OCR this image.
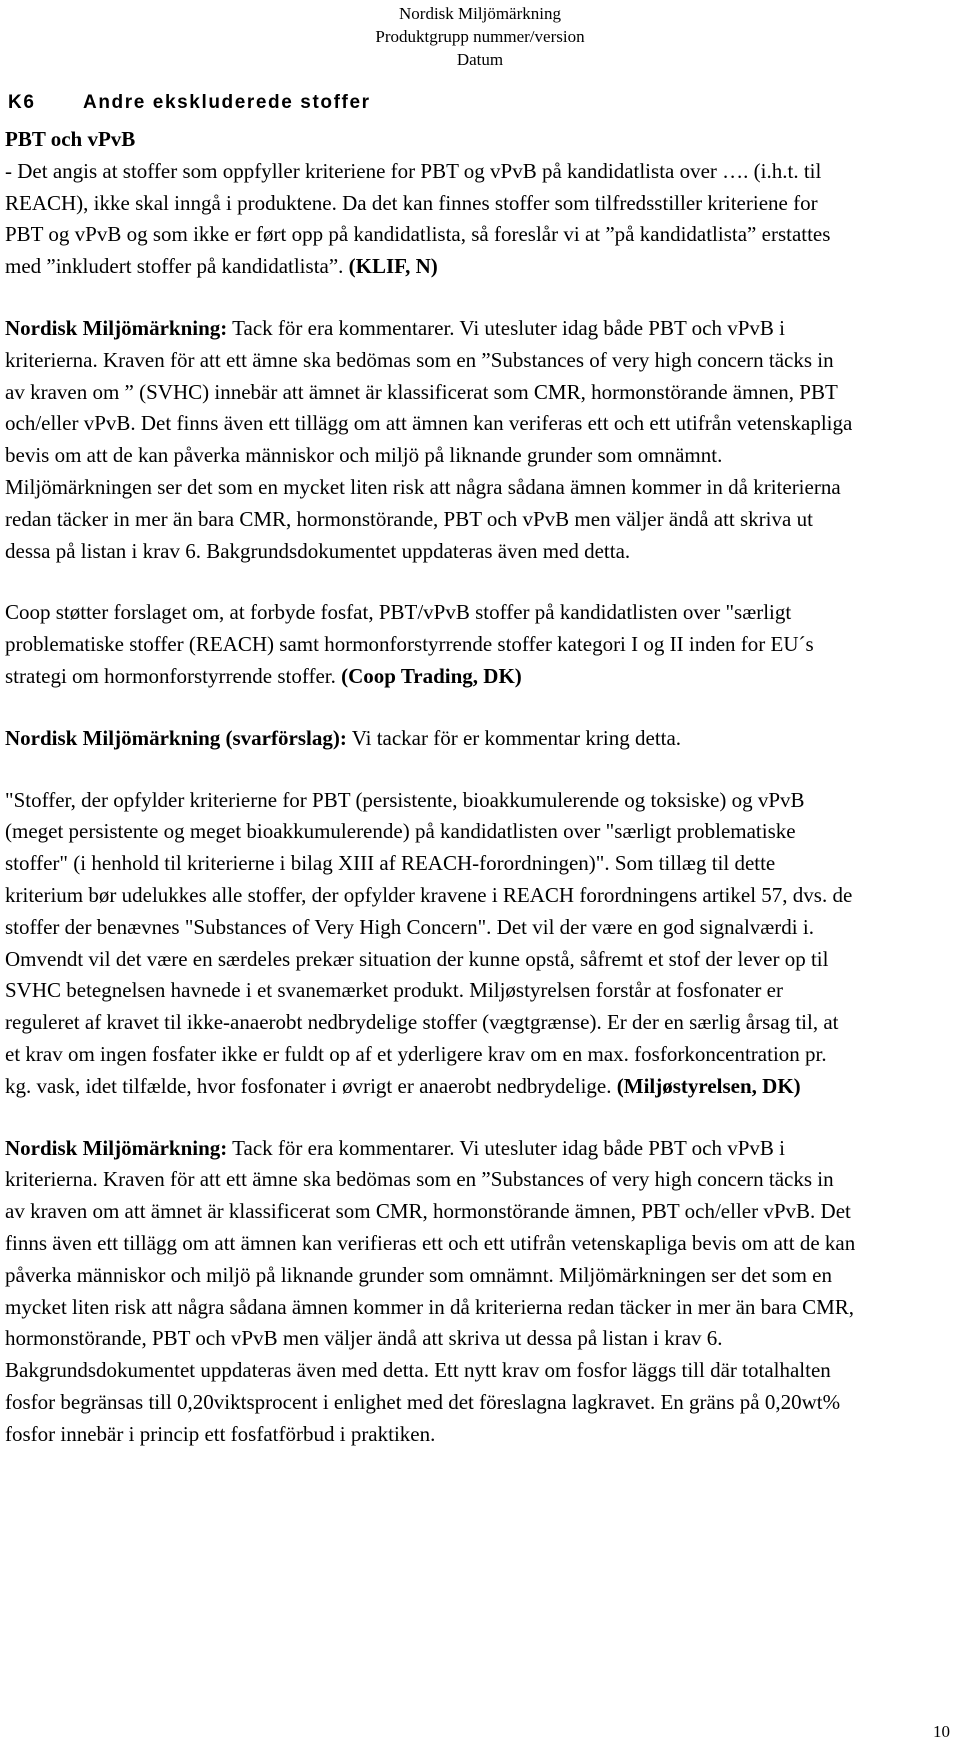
Nordisk Miljömärkning
Produktgrupp nummer/version
Datum
K6	Andre ekskluderede stoffer

PBT och vPvB

- Det angis at stoffer som oppfyller kriteriene for PBT og vPvB på kandidatlista over …. (i.h.t. til REACH), ikke skal inngå i produktene. Da det kan finnes stoffer som tilfredsstiller kriteriene for PBT og vPvB og som ikke er ført opp på kandidatlista, så foreslår vi at ”på kandidatlista” erstattes med ”inkludert stoffer på kandidatlista”. (KLIF, N)

Nordisk Miljömärkning: Tack för era kommentarer. Vi utesluter idag både PBT och vPvB i kriterierna. Kraven för att ett ämne ska bedömas som en ”Substances of very high concern täcks in av kraven om ” (SVHC) innebär att ämnet är klassificerat som CMR, hormonstörande ämnen, PBT och/eller vPvB. Det finns även ett tillägg om att ämnen kan veriferas ett och ett utifrån vetenskapliga bevis om att de kan påverka människor och miljö på liknande grunder som omnämnt. Miljömärkningen ser det som en mycket liten risk att några sådana ämnen kommer in då kriterierna redan täcker in mer än bara CMR, hormonstörande, PBT och vPvB men väljer ändå att skriva ut dessa på listan i krav 6. Bakgrundsdokumentet uppdateras även med detta.

Coop støtter forslaget om, at forbyde fosfat, PBT/vPvB stoffer på kandidatlisten over "særligt problematiske stoffer (REACH) samt hormonforstyrrende stoffer kategori I og II inden for EU´s strategi om hormonforstyrrende stoffer. (Coop Trading, DK)

Nordisk Miljömärkning (svarförslag): Vi tackar för er kommentar kring detta.

"Stoffer, der opfylder kriterierne for PBT (persistente, bioakkumulerende og toksiske) og vPvB (meget persistente og meget bioakkumulerende) på kandidatlisten over "særligt problematiske stoffer" (i henhold til kriterierne i bilag XIII af REACH-forordningen)". Som tillæg til dette kriterium bør udelukkes alle stoffer, der opfylder kravene i REACH forordningens artikel 57, dvs. de stoffer der benævnes "Substances of Very High Concern". Det vil der være en god signalværdi i. Omvendt vil det være en særdeles prekær situation der kunne opstå, såfremt et stof der lever op til SVHC betegnelsen havnede i et svanemærket produkt. Miljøstyrelsen forstår at fosfonater er reguleret af kravet til ikke-anaerobt nedbrydelige stoffer (vægtgrænse). Er der en særlig årsag til, at et krav om ingen fosfater ikke er fuldt op af et yderligere krav om en max. fosforkoncentration pr. kg. vask, idet tilfælde, hvor fosfonater i øvrigt er anaerobt nedbrydelige. (Miljøstyrelsen, DK)

Nordisk Miljömärkning: Tack för era kommentarer. Vi utesluter idag både PBT och vPvB i kriterierna. Kraven för att ett ämne ska bedömas som en ”Substances of very high concern täcks in av kraven om att ämnet är klassificerat som CMR, hormonstörande ämnen, PBT och/eller vPvB. Det finns även ett tillägg om att ämnen kan verifieras ett och ett utifrån vetenskapliga bevis om att de kan påverka människor och miljö på liknande grunder som omnämnt. Miljömärkningen ser det som en mycket liten risk att några sådana ämnen kommer in då kriterierna redan täcker in mer än bara CMR, hormonstörande, PBT och vPvB men väljer ändå att skriva ut dessa på listan i krav 6. Bakgrundsdokumentet uppdateras även med detta. Ett nytt krav om fosfor läggs till där totalhalten fosfor begränsas till 0,20viktsprocent i enlighet med det föreslagna lagkravet. En gräns på 0,20wt% fosfor innebär i princip ett fosfatförbud i praktiken.

10
